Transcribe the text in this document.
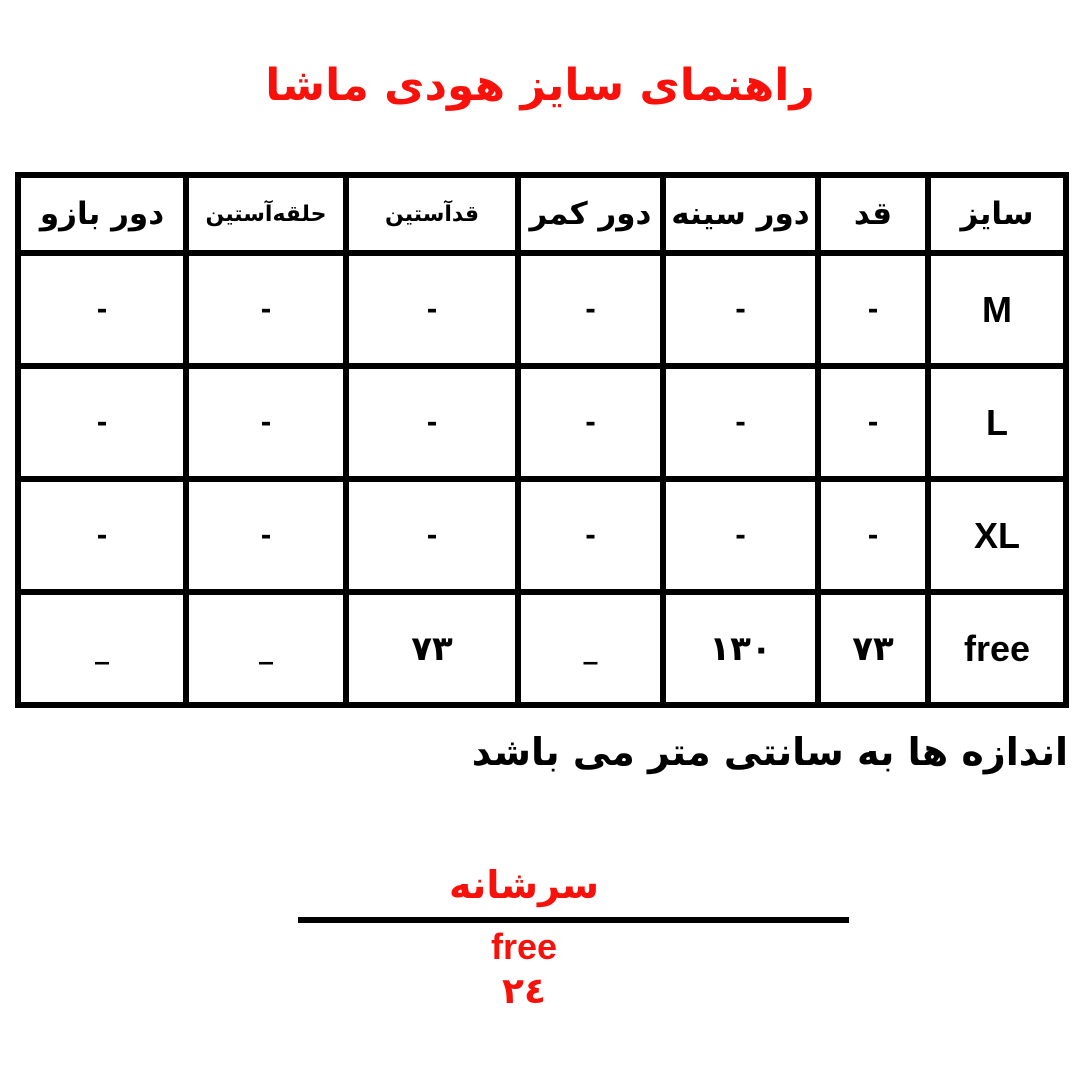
راهنمای سایز هودی ماشا
سایز	قد	دور سینه	دور کمر	قدآستین	حلقه‌آستین	دور بازو
M	-	-	-	-	-	-
L	-	-	-	-	-	-
XL	-	-	-	-	-	-
free	۷۳	۱۳۰	_	۷۳	_	_
اندازه ها به سانتی متر می باشد
سرشانه
free
۲٤
